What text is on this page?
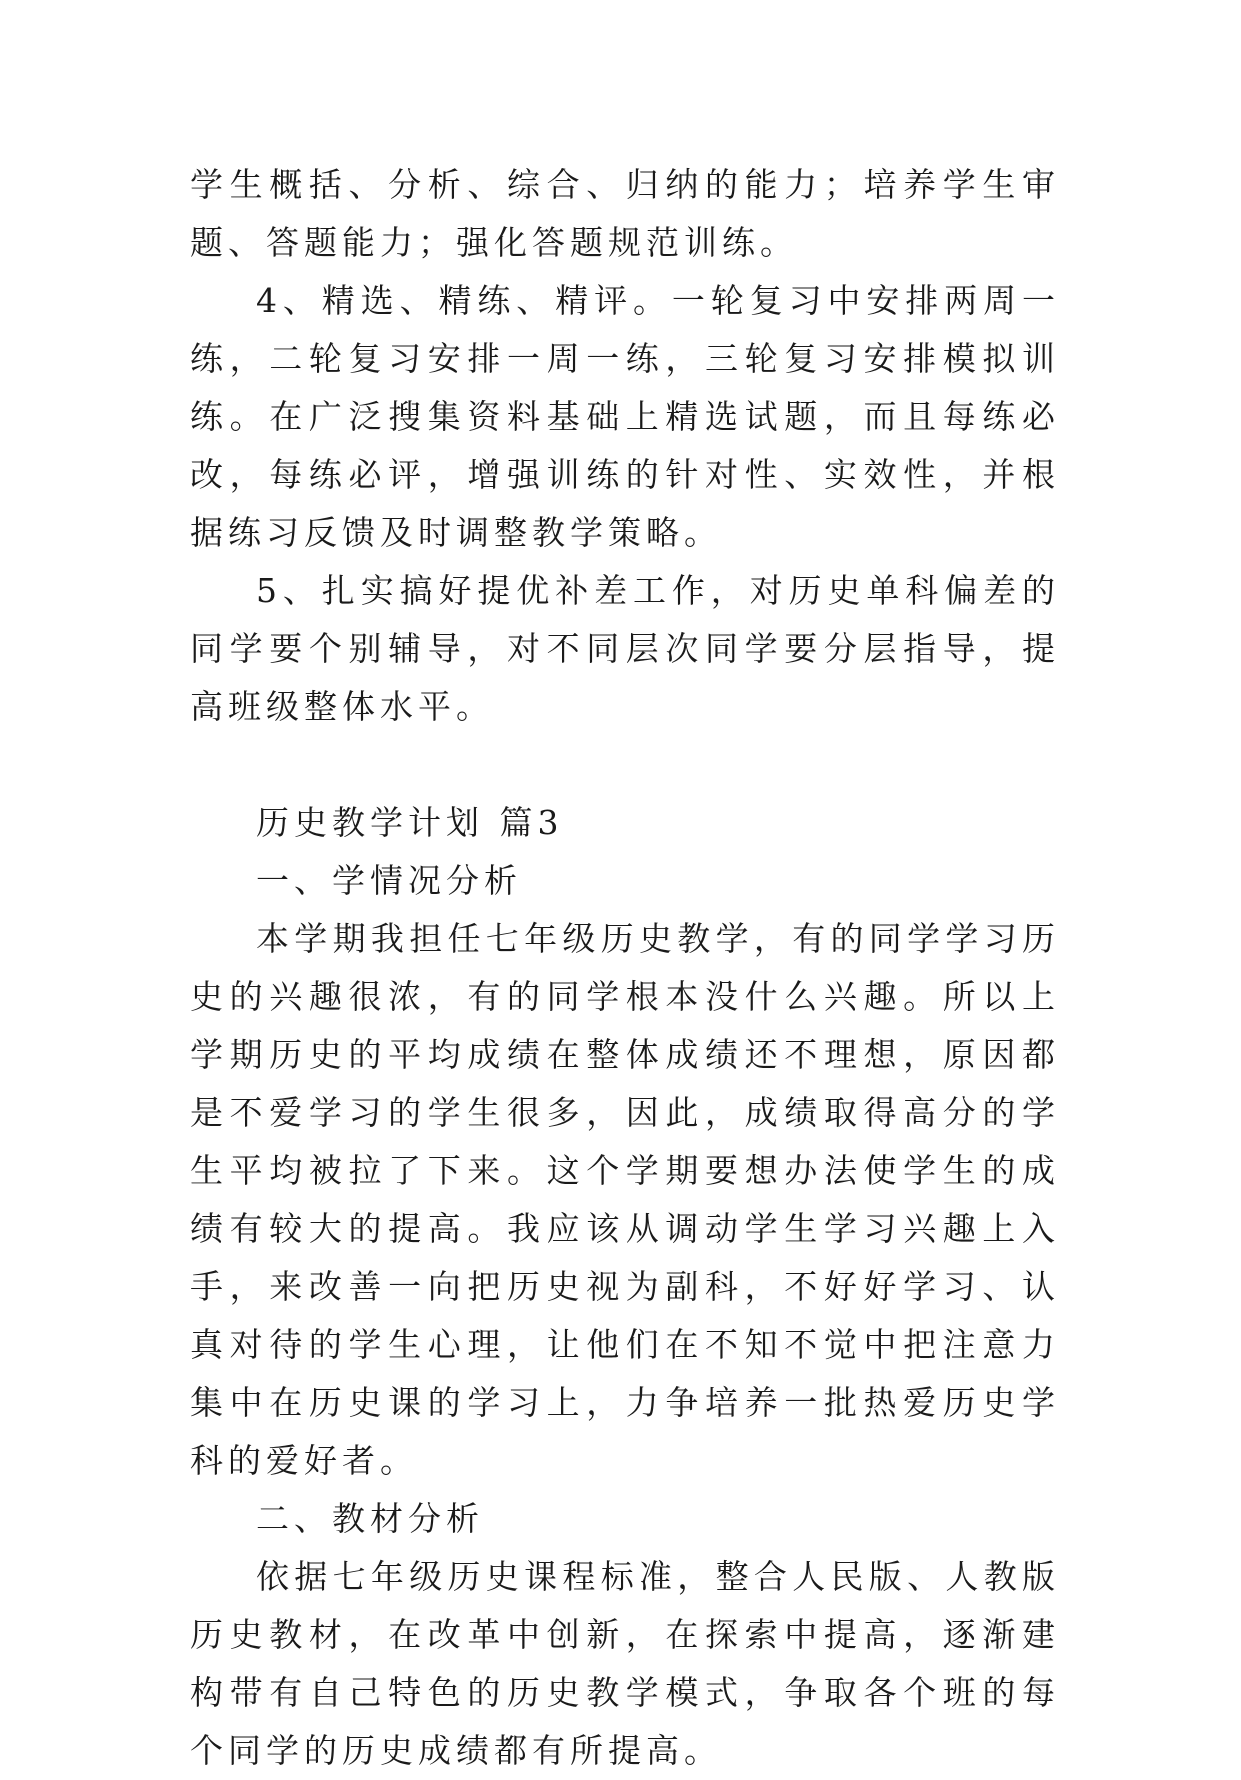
学生概括、分析、综合、归纳的能力；培养学生审题、答题能力；强化答题规范训练。

4、精选、精练、精评。一轮复习中安排两周一练，二轮复习安排一周一练，三轮复习安排模拟训练。在广泛搜集资料基础上精选试题，而且每练必改，每练必评，增强训练的针对性、实效性，并根据练习反馈及时调整教学策略。

5、扎实搞好提优补差工作，对历史单科偏差的同学要个别辅导，对不同层次同学要分层指导，提高班级整体水平。

历史教学计划 篇3

一、学情况分析

本学期我担任七年级历史教学，有的同学学习历史的兴趣很浓，有的同学根本没什么兴趣。所以上学期历史的平均成绩在整体成绩还不理想，原因都是不爱学习的学生很多，因此，成绩取得高分的学生平均被拉了下来。这个学期要想办法使学生的成绩有较大的提高。我应该从调动学生学习兴趣上入手，来改善一向把历史视为副科，不好好学习、认真对待的学生心理，让他们在不知不觉中把注意力集中在历史课的学习上，力争培养一批热爱历史学科的爱好者。

二、教材分析

依据七年级历史课程标准，整合人民版、人教版历史教材，在改革中创新，在探索中提高，逐渐建构带有自己特色的历史教学模式，争取各个班的每个同学的历史成绩都有所提高。
